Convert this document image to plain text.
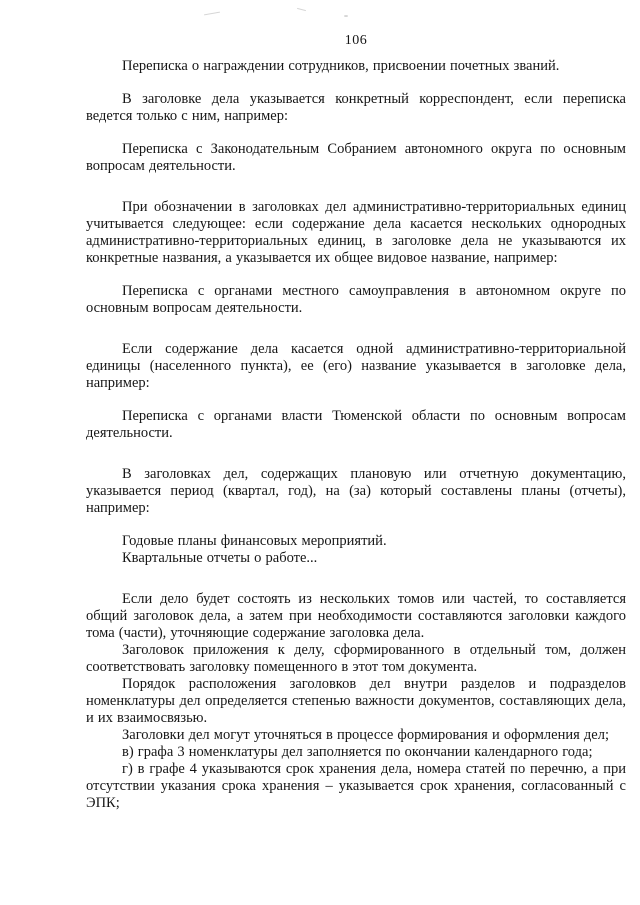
106

Переписка о награждении сотрудников, присвоении почетных званий.

В заголовке дела указывается конкретный корреспондент, если переписка ведется только с ним, например:

Переписка с Законодательным Собранием автономного округа по основным вопросам деятельности.

При обозначении в заголовках дел административно-территориальных единиц учитывается следующее: если содержание дела касается нескольких однородных административно-территориальных единиц, в заголовке дела не указываются их конкретные названия, а указывается их общее видовое название, например:

Переписка с органами местного самоуправления в автономном округе по основным вопросам деятельности.

Если содержание дела касается одной административно-территориальной единицы (населенного пункта), ее (его) название указывается в заголовке дела, например:

Переписка с органами власти Тюменской области по основным вопросам деятельности.

В заголовках дел, содержащих плановую или отчетную документацию, указывается период (квартал, год), на (за) который составлены планы (отчеты), например:

Годовые планы финансовых мероприятий.

Квартальные отчеты о работе...

Если дело будет состоять из нескольких томов или частей, то составляется общий заголовок дела, а затем при необходимости составляются заголовки каждого тома (части), уточняющие содержание заголовка дела.

Заголовок приложения к делу, сформированного в отдельный том, должен соответствовать заголовку помещенного в этот том документа.

Порядок расположения заголовков дел внутри разделов и подразделов номенклатуры дел определяется степенью важности документов, составляющих дела, и их взаимосвязью.

Заголовки дел могут уточняться в процессе формирования и оформления дел;

в) графа 3 номенклатуры дел заполняется по окончании календарного года;

г) в графе 4 указываются срок хранения дела, номера статей по перечню, а при отсутствии указания срока хранения – указывается срок хранения, согласованный с ЭПК;
